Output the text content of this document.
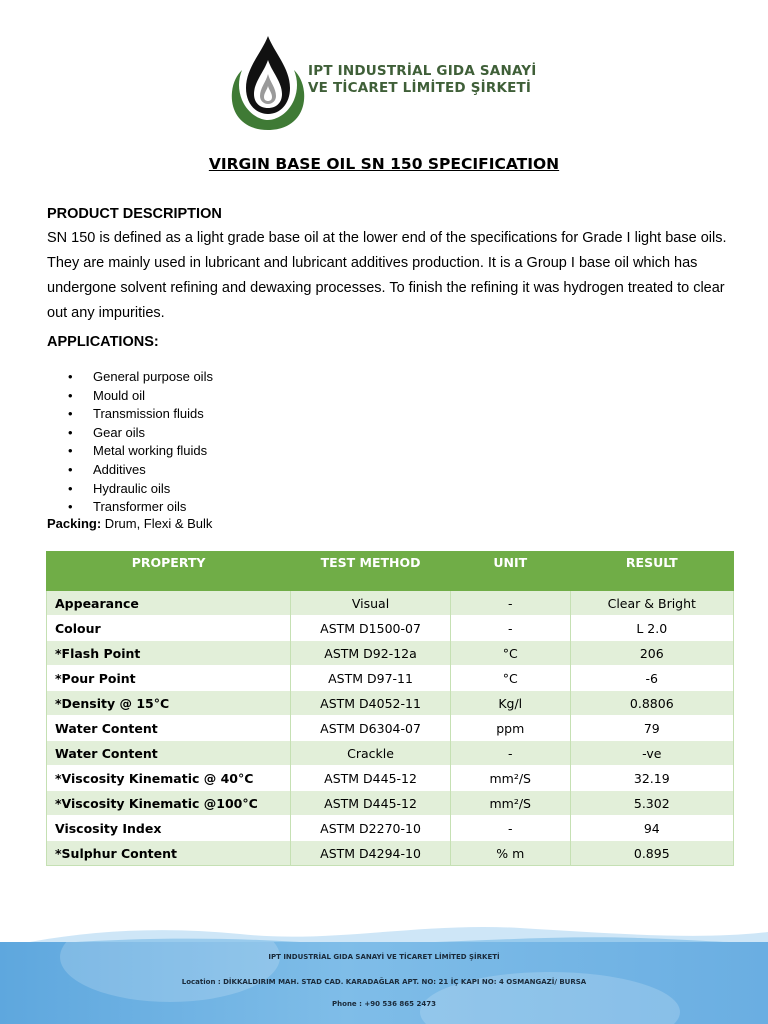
IPT INDUSTRİAL GIDA SANAYİ
VE TİCARET LİMİTED ŞİRKETİ
VIRGIN BASE OIL SN 150 SPECIFICATION
PRODUCT DESCRIPTION

SN 150 is defined as a light grade base oil at the lower end of the specifications for Grade I light base oils. They are mainly used in lubricant and lubricant additives production. It is a Group I base oil which has undergone solvent refining and dewaxing processes. To finish the refining it was hydrogen treated to clear out any impurities.

APPLICATIONS:
• General purpose oils
• Mould oil
• Transmission fluids
• Gear oils
• Metal working fluids
• Additives
• Hydraulic oils
• Transformer oils
Packing: Drum, Flexi & Bulk
PROPERTY	TEST METHOD	UNIT	RESULT
Appearance	Visual	-	Clear & Bright
Colour	ASTM D1500-07	-	L 2.0
*Flash Point	ASTM D92-12a	°C	206
*Pour Point	ASTM D97-11	°C	-6
*Density @ 15°C	ASTM D4052-11	Kg/l	0.8806
Water Content	ASTM D6304-07	ppm	79
Water Content	Crackle	-	-ve
*Viscosity Kinematic @ 40°C	ASTM D445-12	mm²/S	32.19
*Viscosity Kinematic @100°C	ASTM D445-12	mm²/S	5.302
Viscosity Index	ASTM D2270-10	-	94
*Sulphur Content	ASTM D4294-10	% m	0.895
IPT INDUSTRİAL GIDA SANAYİ VE TİCARET LİMİTED ŞİRKETİ
Location : DİKKALDIRIM MAH. STAD CAD. KARADAĞLAR APT. NO: 21 İÇ KAPI NO: 4 OSMANGAZİ/ BURSA
Phone : +90 536 865 2473
